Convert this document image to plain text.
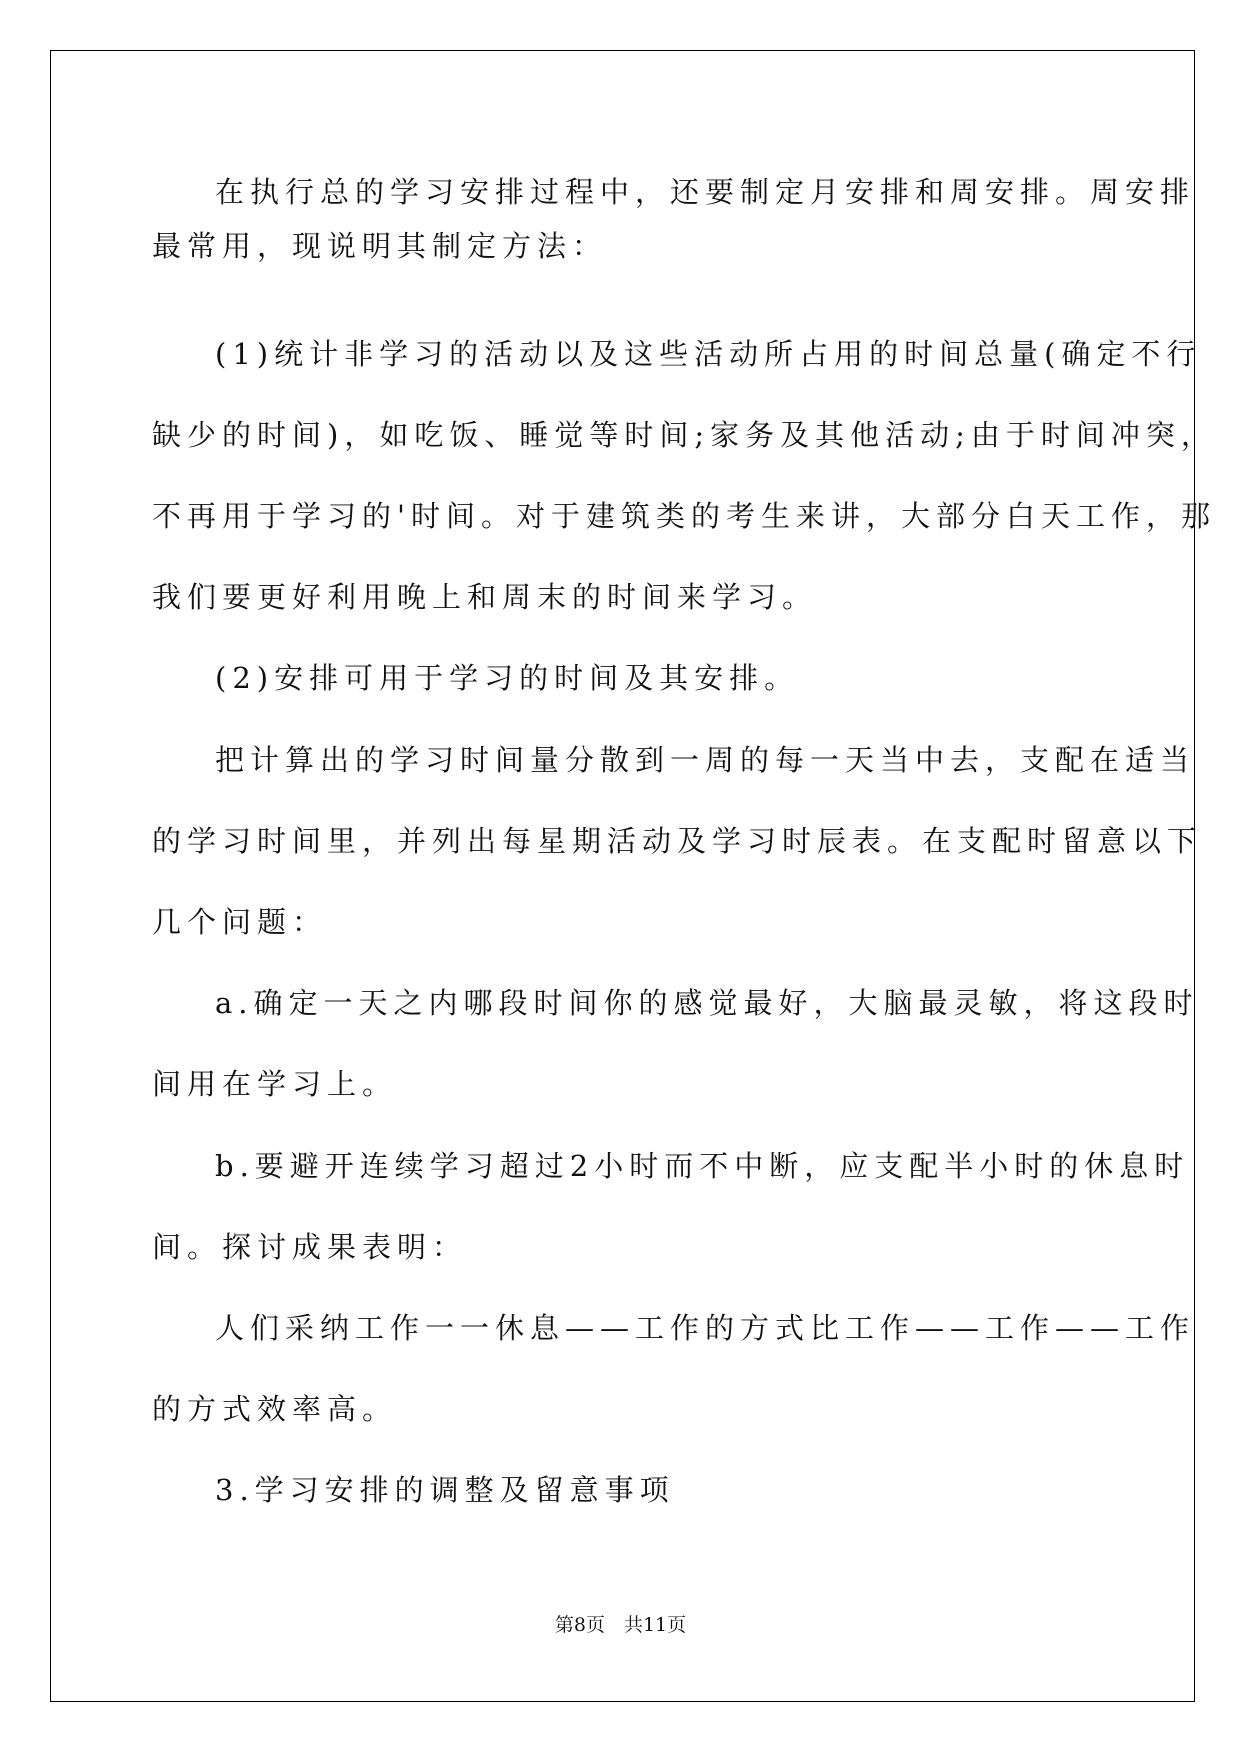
在执行总的学习安排过程中，还要制定月安排和周安排。周安排
最常用，现说明其制定方法：
(1)统计非学习的活动以及这些活动所占用的时间总量(确定不行
缺少的时间)，如吃饭、睡觉等时间;家务及其他活动;由于时间冲突，
不再用于学习的'时间。对于建筑类的考生来讲，大部分白天工作，那
我们要更好利用晚上和周末的时间来学习。
(2)安排可用于学习的时间及其安排。
把计算出的学习时间量分散到一周的每一天当中去，支配在适当
的学习时间里，并列出每星期活动及学习时辰表。在支配时留意以下
几个问题：
a.确定一天之内哪段时间你的感觉最好，大脑最灵敏，将这段时
间用在学习上。
b.要避开连续学习超过2小时而不中断，应支配半小时的休息时
间。探讨成果表明：
人们采纳工作一一休息——工作的方式比工作——工作——工作
的方式效率高。
3.学习安排的调整及留意事项
第8页　共11页
